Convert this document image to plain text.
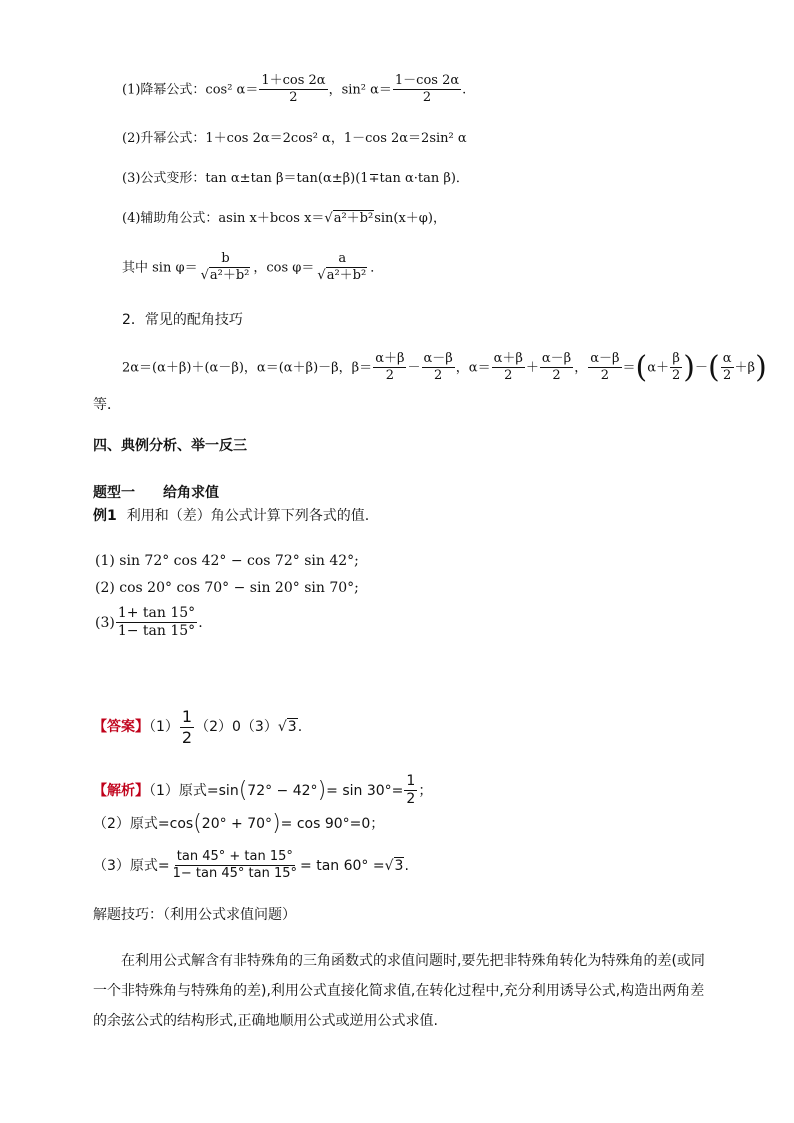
(1)降幂公式：cos² $\alpha= \frac{1+\cos 2\alpha}{2}$ ，sin² $\alpha= \frac{1-\cos 2\alpha}{2}$ .
(2)升幂公式：1＋cos 2α＝2cos² α，1－cos 2α＝2sin² α
(3)公式变形：tan α±tan β＝tan(α±β)(1∓tan α·tan β)．
(4)辅助角公式：asin x＋bcos x＝√a²＋b²sin(x＋φ)，
其中 $\sin \varphi= \frac{b}{\text{√a²＋b²}}$ ，$\cos \varphi= \frac{a}{\text{√a²＋b²}}$ ．
2．常见的配角技巧
2α＝(α＋β)＋(α－β)，α＝(α＋β)－β，$\beta= \frac{\alpha+\beta}{2} - \frac{\alpha-\beta}{2}$ ，$\alpha= \frac{\alpha+\beta}{2} + \frac{\alpha-\beta}{2}$ ， $\frac{\alpha-\beta}{2} =(\alpha+ \frac{\beta}{2}$ )－( $\frac{\alpha}{2} +\beta$)
等．
四、典例分析、举一反三
题型一　　给角求值
例1 利用和（差）角公式计算下列各式的值.
(1) sin 72° cos 42° − cos 72° sin 42°;
(2) cos 20° cos 70° − sin 20° sin 70°;
$(3) \frac{1+ \tan 15^\circ}{1- \tan 15^\circ}$ .
【答案】$(1) \frac{1}{2} (2)0(3)√3$.
【解析】（1）原式$=\sin(72^\circ - 42^\circ)= \sin 30^\circ= \frac{1}{2}$ ；
（2）原式=cos(20° + 70°)= cos 90°=0；
（3）原式= $\frac{\tan 45^\circ + \tan 15^\circ}{1- \tan 45^\circ \tan 15^\circ} = \tan 60^\circ =√3$.
解题技巧：（利用公式求值问题）
在利用公式解含有非特殊角的三角函数式的求值问题时,要先把非特殊角转化为特殊角的差(或同一个非特殊角与特殊角的差),利用公式直接化简求值,在转化过程中,充分利用诱导公式,构造出两角差的余弦公式的结构形式,正确地顺用公式或逆用公式求值.
